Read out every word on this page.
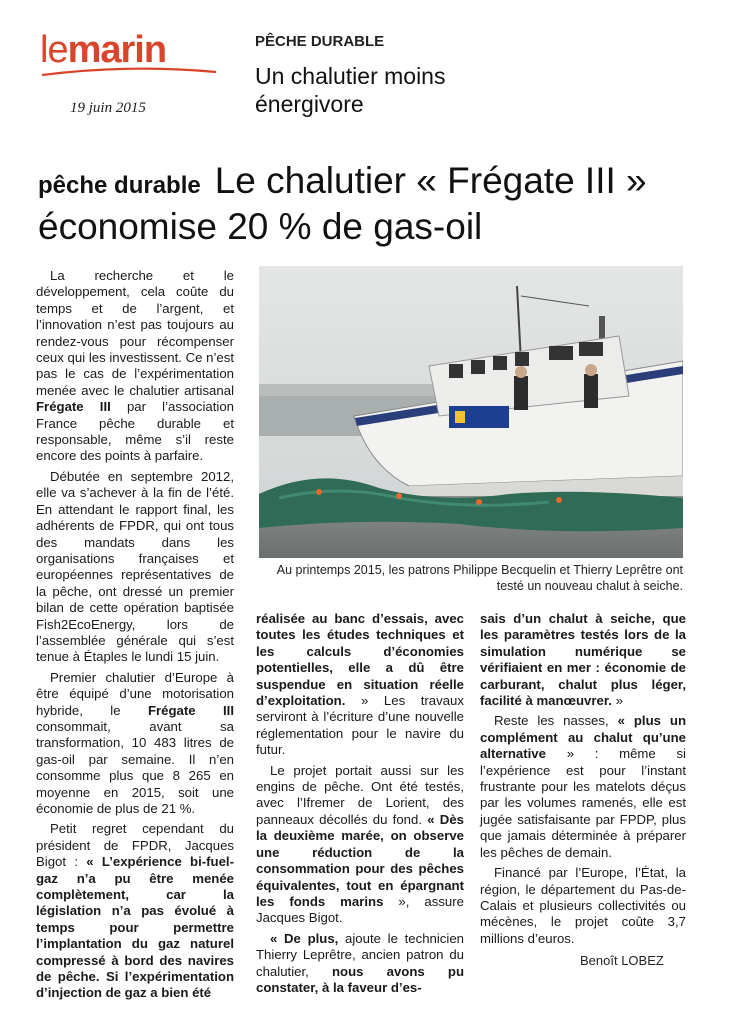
lemarin
19 juin 2015
PÊCHE DURABLE
Un chalutier moins énergivore
pêche durable Le chalutier « Frégate III » économise 20 % de gas-oil

La recherche et le développement, cela coûte du temps et de l’argent, et l’innovation n’est pas toujours au rendez-vous pour récompenser ceux qui les investissent. Ce n’est pas le cas de l’expérimentation menée avec le chalutier artisanal Frégate III par l’association France pêche durable et responsable, même s’il reste encore des points à parfaire.

Débutée en septembre 2012, elle va s’achever à la fin de l’été. En attendant le rapport final, les adhérents de FPDR, qui ont tous des mandats dans les organisations françaises et européennes représentatives de la pêche, ont dressé un premier bilan de cette opération baptisée Fish2EcoEnergy, lors de l’assemblée générale qui s’est tenue à Étaples le lundi 15 juin.

Premier chalutier d’Europe à être équipé d’une motorisation hybride, le Frégate III consommait, avant sa transformation, 10 483 litres de gas-oil par semaine. Il n’en consomme plus que 8 265 en moyenne en 2015, soit une économie de plus de 21 %.

Petit regret cependant du président de FPDR, Jacques Bigot : « L’expérience bi-fuel-gaz n’a pu être menée complètement, car la législation n’a pas évolué à temps pour permettre l’implantation du gaz naturel compressé à bord des navires de pêche. Si l’expérimentation d’injection de gaz a bien été

Au printemps 2015, les patrons Philippe Becquelin et Thierry Leprêtre ont testé un nouveau chalut à seiche.

réalisée au banc d’essais, avec toutes les études techniques et les calculs d’économies potentielles, elle a dû être suspendue en situation réelle d’exploitation. » Les travaux serviront à l’écriture d’une nouvelle réglementation pour le navire du futur.

Le projet portait aussi sur les engins de pêche. Ont été testés, avec l’Ifremer de Lorient, des panneaux décollés du fond. « Dès la deuxième marée, on observe une réduction de la consommation pour des pêches équivalentes, tout en épargnant les fonds marins », assure Jacques Bigot.

« De plus, ajoute le technicien Thierry Leprêtre, ancien patron du chalutier, nous avons pu constater, à la faveur d’es-

sais d’un chalut à seiche, que les paramètres testés lors de la simulation numérique se vérifiaient en mer : économie de carburant, chalut plus léger, facilité à manœuvrer. »

Reste les nasses, « plus un complément au chalut qu’une alternative » : même si l’expérience est pour l’instant frustrante pour les matelots déçus par les volumes ramenés, elle est jugée satisfaisante par FPDP, plus que jamais déterminée à préparer les pêches de demain.

Financé par l’Europe, l’État, la région, le département du Pas-de-Calais et plusieurs collectivités ou mécènes, le projet coûte 3,7 millions d’euros.

Benoît LOBEZ
